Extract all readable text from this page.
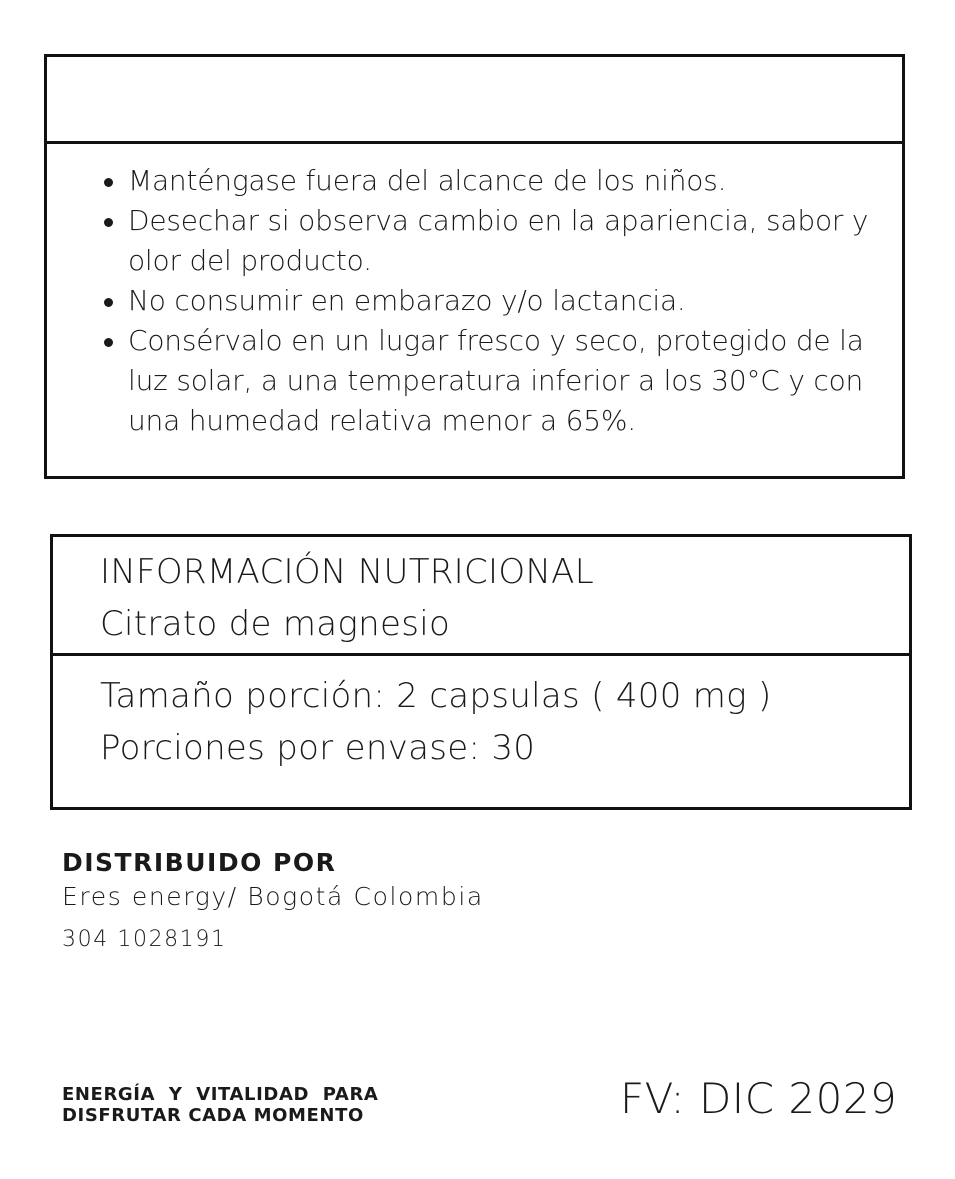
Manténgase fuera del alcance de los niños.
Desechar si observa cambio en la apariencia, sabor y olor del producto.
No consumir en embarazo y/o lactancia.
Consérvalo en un lugar fresco y seco, protegido de la luz solar, a una temperatura inferior a los 30°C y con una humedad relativa menor a 65%.
INFORMACIÓN NUTRICIONAL
Citrato de magnesio
Tamaño porción: 2 capsulas ( 400 mg )
Porciones por envase: 30
DISTRIBUIDO POR
Eres energy/ Bogotá Colombia
304 1028191
ENERGÍA  Y  VITALIDAD  PARA
DISFRUTAR CADA MOMENTO	FV: DIC 2029
